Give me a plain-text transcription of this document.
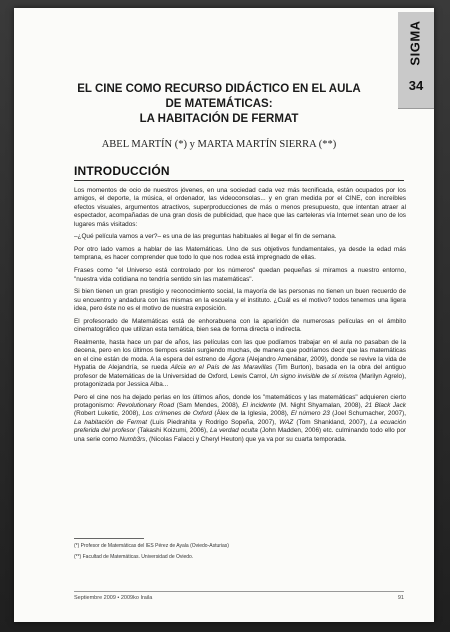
SIGMA
34
EL CINE COMO RECURSO DIDÁCTICO EN EL AULA
DE MATEMÁTICAS:
LA HABITACIÓN DE FERMAT
ABEL MARTÍN (*) y MARTA MARTÍN SIERRA (**)
INTRODUCCIÓN

Los momentos de ocio de nuestros jóvenes, en una sociedad cada vez más tecnificada, están ocupados por los amigos, el deporte, la música, el ordenador, las videoconsolas... y en gran medida por el CINE, con increíbles efectos visuales, argumentos atractivos, superproducciones de más o menos presupuesto, que intentan atraer al espectador, acompañadas de una gran dosis de publicidad, que hace que las carteleras vía Internet sean uno de los lugares más visitados:

–¿Qué película vamos a ver?– es una de las preguntas habituales al llegar el fin de semana.

Por otro lado vamos a hablar de las Matemáticas. Uno de sus objetivos fundamentales, ya desde la edad más temprana, es hacer comprender que todo lo que nos rodea está impregnado de ellas.

Frases como "el Universo está controlado por los números" quedan pequeñas si miramos a nuestro entorno, "nuestra vida cotidiana no tendría sentido sin las matemáticas".

Si bien tienen un gran prestigio y reconocimiento social, la mayoría de las personas no tienen un buen recuerdo de su encuentro y andadura con las mismas en la escuela y el instituto. ¿Cuál es el motivo? todos tenemos una ligera idea, pero éste no es el motivo de nuestra exposición.

El profesorado de Matemáticas está de enhorabuena con la aparición de numerosas películas en el ámbito cinematográfico que utilizan esta temática, bien sea de forma directa o indirecta.

Realmente, hasta hace un par de años, las películas con las que podíamos trabajar en el aula no pasaban de la decena, pero en los últimos tiempos están surgiendo muchas, de manera que podríamos decir que las matemáticas en el cine están de moda. A la espera del estreno de Ágora (Alejandro Amenábar, 2009), donde se revive la vida de Hypatia de Alejandría, se rueda Alicia en el País de las Maravillas (Tim Burton), basada en la obra del antiguo profesor de Matemáticas de la Universidad de Oxford, Lewis Carrol, Un signo invisible de sí misma (Marilyn Agrelo), protagonizada por Jessica Alba...

Pero el cine nos ha dejado perlas en los últimos años, donde los "matemáticos y las matemáticas" adquieren cierto protagonismo: Revolutionary Road (Sam Mendes, 2008), El incidente (M. Night Shyamalan, 2008), 21 Black Jack (Robert Luketic, 2008), Los crímenes de Oxford (Álex de la Iglesia, 2008), El número 23 (Joel Schumacher, 2007), La habitación de Fermat (Luis Piedrahita y Rodrigo Sopeña, 2007), WAZ (Tom Shankland, 2007), La ecuación preferida del profesor (Takashi Koizumi, 2006), La verdad oculta (John Madden, 2006) etc. culminando todo ello por una serie como Numb3rs, (Nicolas Falacci y Cheryl Heuton) que ya va por su cuarta temporada.

(*) Profesor de Matemáticas del IES Pérez de Ayala (Oviedo-Asturias)
(**) Facultad de Matemáticas. Universidad de Oviedo.
Septiembre 2009 • 2009ko Iraila	91
